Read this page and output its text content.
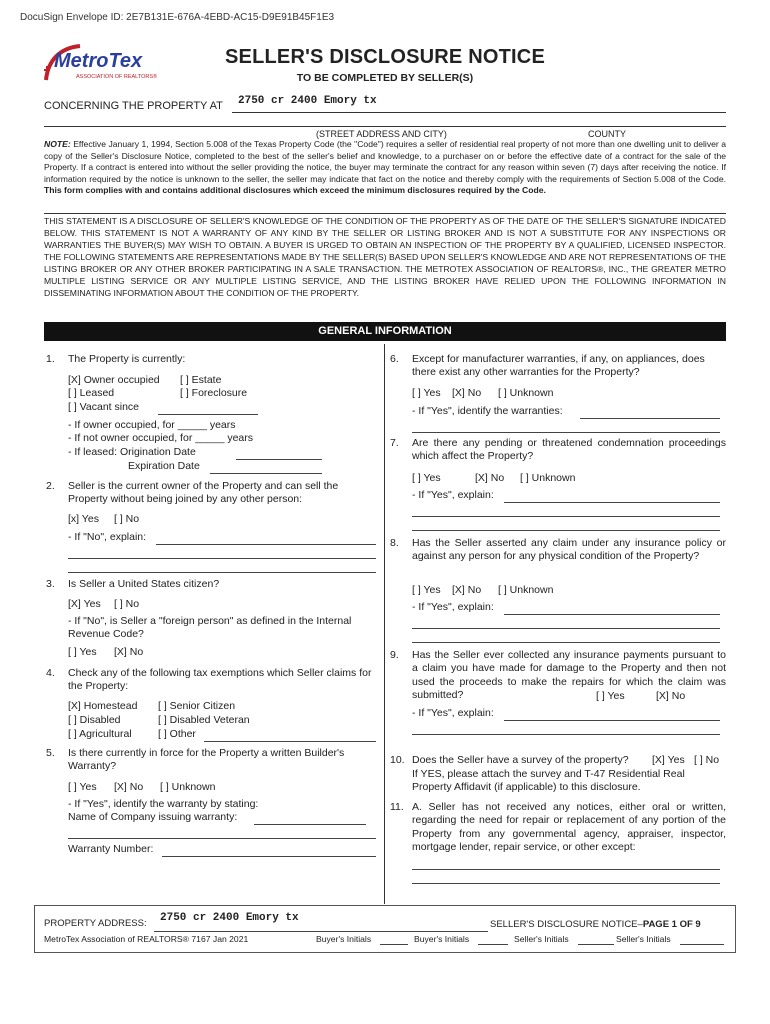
DocuSign Envelope ID: 2E7B131E-676A-4EBD-AC15-D9E91B45F1E3
MetroTex
ASSOCIATION OF REALTORS®
SELLER'S DISCLOSURE NOTICE
TO BE COMPLETED BY SELLER(S)
CONCERNING THE PROPERTY AT 2750 cr 2400 Emory tx
(STREET ADDRESS AND CITY)	COUNTY
NOTE: Effective January 1, 1994, Section 5.008 of the Texas Property Code (the "Code") requires a seller of residential real property of not more than one dwelling unit to deliver a copy of the Seller's Disclosure Notice, completed to the best of the seller's belief and knowledge, to a purchaser on or before the effective date of a contract for the sale of the Property. If a contract is entered into without the seller providing the notice, the buyer may terminate the contract for any reason within seven (7) days after receiving the notice. If information required by the notice is unknown to the seller, the seller may indicate that fact on the notice and thereby comply with the requirements of Section 5.008 of the Code. This form complies with and contains additional disclosures which exceed the minimum disclosures required by the Code.
THIS STATEMENT IS A DISCLOSURE OF SELLER'S KNOWLEDGE OF THE CONDITION OF THE PROPERTY AS OF THE DATE OF THE SELLER'S SIGNATURE INDICATED BELOW. THIS STATEMENT IS NOT A WARRANTY OF ANY KIND BY THE SELLER OR LISTING BROKER AND IS NOT A SUBSTITUTE FOR ANY INSPECTIONS OR WARRANTIES THE BUYER(S) MAY WISH TO OBTAIN. A BUYER IS URGED TO OBTAIN AN INSPECTION OF THE PROPERTY BY A QUALIFIED, LICENSED INSPECTOR. THE FOLLOWING STATEMENTS ARE REPRESENTATIONS MADE BY THE SELLER(S) BASED UPON SELLER'S KNOWLEDGE AND ARE NOT REPRESENTATIONS OF THE LISTING BROKER OR ANY OTHER BROKER PARTICIPATING IN A SALE TRANSACTION. THE METROTEX ASSOCIATION OF REALTORS®, INC., THE GREATER METRO MULTIPLE LISTING SERVICE OR ANY MULTIPLE LISTING SERVICE, AND THE LISTING BROKER HAVE RELIED UPON THE FOLLOWING INFORMATION IN DISSEMINATING INFORMATION ABOUT THE CONDITION OF THE PROPERTY.
GENERAL INFORMATION
1. The Property is currently:
[X] Owner occupied [ ] Estate
[ ] Leased	[ ] Foreclosure
[ ] Vacant since
- If owner occupied, for _____ years
- If not owner occupied, for _____ years
- If leased: Origination Date
Expiration Date
2. Seller is the current owner of the Property and can sell the Property without being joined by any other person:
[x] Yes [ ] No
- If "No", explain:
3. Is Seller a United States citizen?
[X] Yes [ ] No
- If "No", is Seller a "foreign person" as defined in the Internal Revenue Code?
[ ] Yes [X] No
4. Check any of the following tax exemptions which Seller claims for the Property:
[X] Homestead [ ] Senior Citizen
[ ] Disabled	[ ] Disabled Veteran
[ ] Agricultural	[ ] Other
5. Is there currently in force for the Property a written Builder's Warranty?
[ ] Yes [X] No [ ] Unknown
- If "Yes", identify the warranty by stating:
Name of Company issuing warranty:
Warranty Number:
6. Except for manufacturer warranties, if any, on appliances, does there exist any other warranties for the Property?
[ ] Yes [X] No [ ] Unknown
- If "Yes", identify the warranties:
7. Are there any pending or threatened condemnation proceedings which affect the Property?
[ ] Yes	[X] No [ ] Unknown
- If "Yes", explain:
8. Has the Seller asserted any claim under any insurance policy or against any person for any physical condition of the Property?
[ ] Yes [X] No [ ] Unknown
- If "Yes", explain:
9. Has the Seller ever collected any insurance payments pursuant to a claim you have made for damage to the Property and then not used the proceeds to make the repairs for which the claim was submitted?	[ ] Yes	[X] No
- If "Yes", explain:
10. Does the Seller have a survey of the property? [X] Yes [ ] No
If YES, please attach the survey and T-47 Residential Real Property Affidavit (if applicable) to this disclosure.
11. A. Seller has not received any notices, either oral or written, regarding the need for repair or replacement of any portion of the Property from any governmental agency, appraiser, inspector, mortgage lender, repair service, or other except:
PROPERTY ADDRESS: 2750 cr 2400 Emory tx
SELLER'S DISCLOSURE NOTICE–PAGE 1 OF 9
MetroTex Association of REALTORS® 7167 Jan 2021	Buyer's Initials	Buyer's Initials	Seller's Initials	Seller's Initials
